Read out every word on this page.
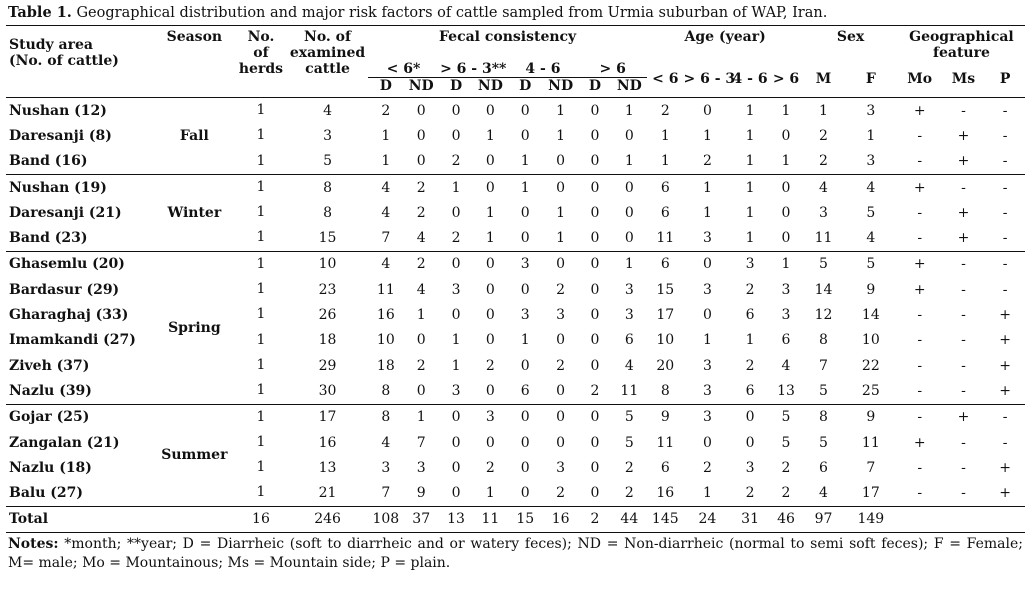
Table 1. Geographical distribution and major risk factors of cattle sampled from Urmia suburban of WAP, Iran.
Study area
(No. of cattle)	Season	No.
of
herds	No. of
examined
cattle	Fecal consistency								Age (year)				Sex		Geographical
feature		
				< 6*		> 6 - 3**		4 - 6		> 6		< 6	> 6 - 3	4 - 6	> 6	M	F	Mo	Ms	P
				D	ND	D	ND	D	ND	D	ND									
Nushan (12)	Fall	1	4	2	0	0	0	0	1	0	1	2	0	1	1	1	3	+	-	-
Daresanji (8)		1	3	1	0	0	1	0	1	0	0	1	1	1	0	2	1	-	+	-
Band (16)		1	5	1	0	2	0	1	0	0	1	1	2	1	1	2	3	-	+	-
Nushan (19)	Winter	1	8	4	2	1	0	1	0	0	0	6	1	1	0	4	4	+	-	-
Daresanji (21)		1	8	4	2	0	1	0	1	0	0	6	1	1	0	3	5	-	+	-
Band (23)		1	15	7	4	2	1	0	1	0	0	11	3	1	0	11	4	-	+	-
Ghasemlu (20)	Spring	1	10	4	2	0	0	3	0	0	1	6	0	3	1	5	5	+	-	-
Bardasur (29)		1	23	11	4	3	0	0	2	0	3	15	3	2	3	14	9	+	-	-
Gharaghaj (33)		1	26	16	1	0	0	3	3	0	3	17	0	6	3	12	14	-	-	+
Imamkandi (27)		1	18	10	0	1	0	1	0	0	6	10	1	1	6	8	10	-	-	+
Ziveh (37)		1	29	18	2	1	2	0	2	0	4	20	3	2	4	7	22	-	-	+
Nazlu (39)		1	30	8	0	3	0	6	0	2	11	8	3	6	13	5	25	-	-	+
Gojar (25)	Summer	1	17	8	1	0	3	0	0	0	5	9	3	0	5	8	9	-	+	-
Zangalan (21)		1	16	4	7	0	0	0	0	0	5	11	0	0	5	5	11	+	-	-
Nazlu (18)		1	13	3	3	0	2	0	3	0	2	6	2	3	2	6	7	-	-	+
Balu (27)		1	21	7	9	0	1	0	2	0	2	16	1	2	2	4	17	-	-	+
Total		16	246	108	37	13	11	15	16	2	44	145	24	31	46	97	149			
Notes: *month; **year; D = Diarrheic (soft to diarrheic and or watery feces); ND = Non-diarrheic (normal to semi soft feces); F = Female; M= male; Mo = Mountainous; Ms = Mountain side; P = plain.
